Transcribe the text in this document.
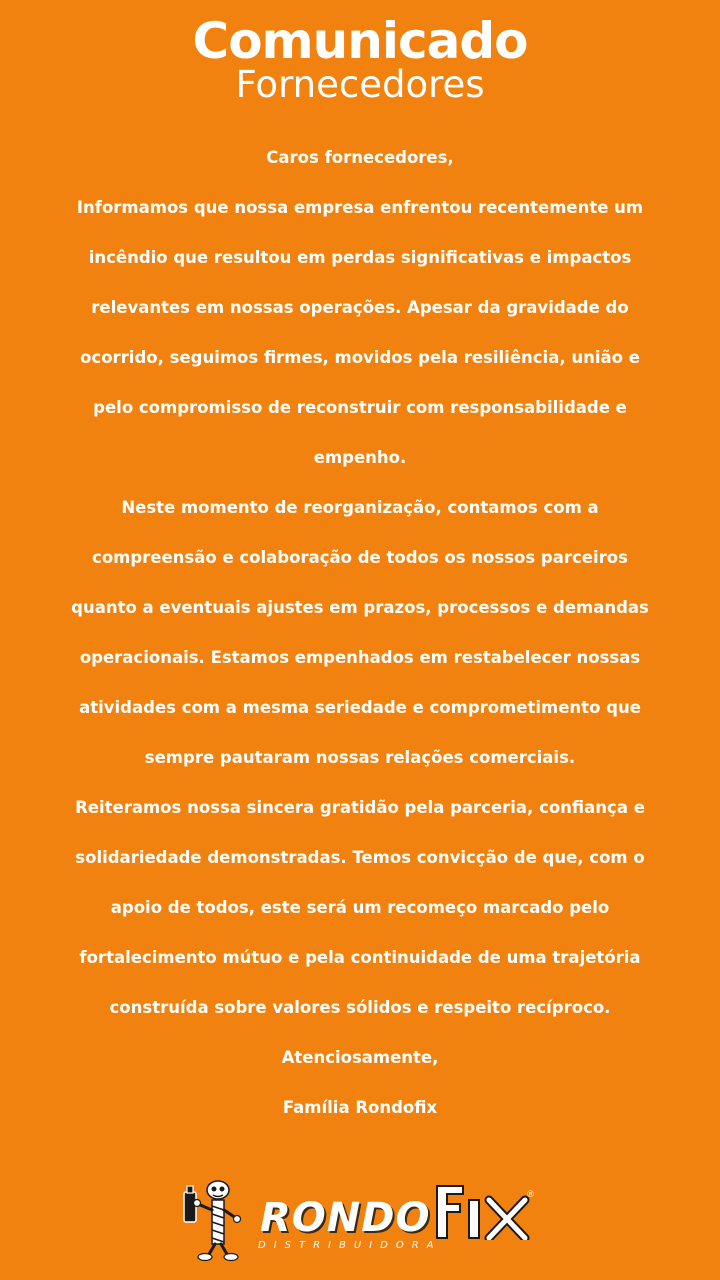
Comunicado
Fornecedores
Caros fornecedores,
Informamos que nossa empresa enfrentou recentemente um
incêndio que resultou em perdas significativas e impactos
relevantes em nossas operações. Apesar da gravidade do
ocorrido, seguimos firmes, movidos pela resiliência, união e
pelo compromisso de reconstruir com responsabilidade e
empenho.
Neste momento de reorganização, contamos com a
compreensão e colaboração de todos os nossos parceiros
quanto a eventuais ajustes em prazos, processos e demandas
operacionais. Estamos empenhados em restabelecer nossas
atividades com a mesma seriedade e comprometimento que
sempre pautaram nossas relações comerciais.
Reiteramos nossa sincera gratidão pela parceria, confiança e
solidariedade demonstradas. Temos convicção de que, com o
apoio de todos, este será um recomeço marcado pelo
fortalecimento mútuo e pela continuidade de uma trajetória
construída sobre valores sólidos e respeito recíproco.
Atenciosamente,
Família Rondofix
RONDO	®
DISTRIBUIDORA
